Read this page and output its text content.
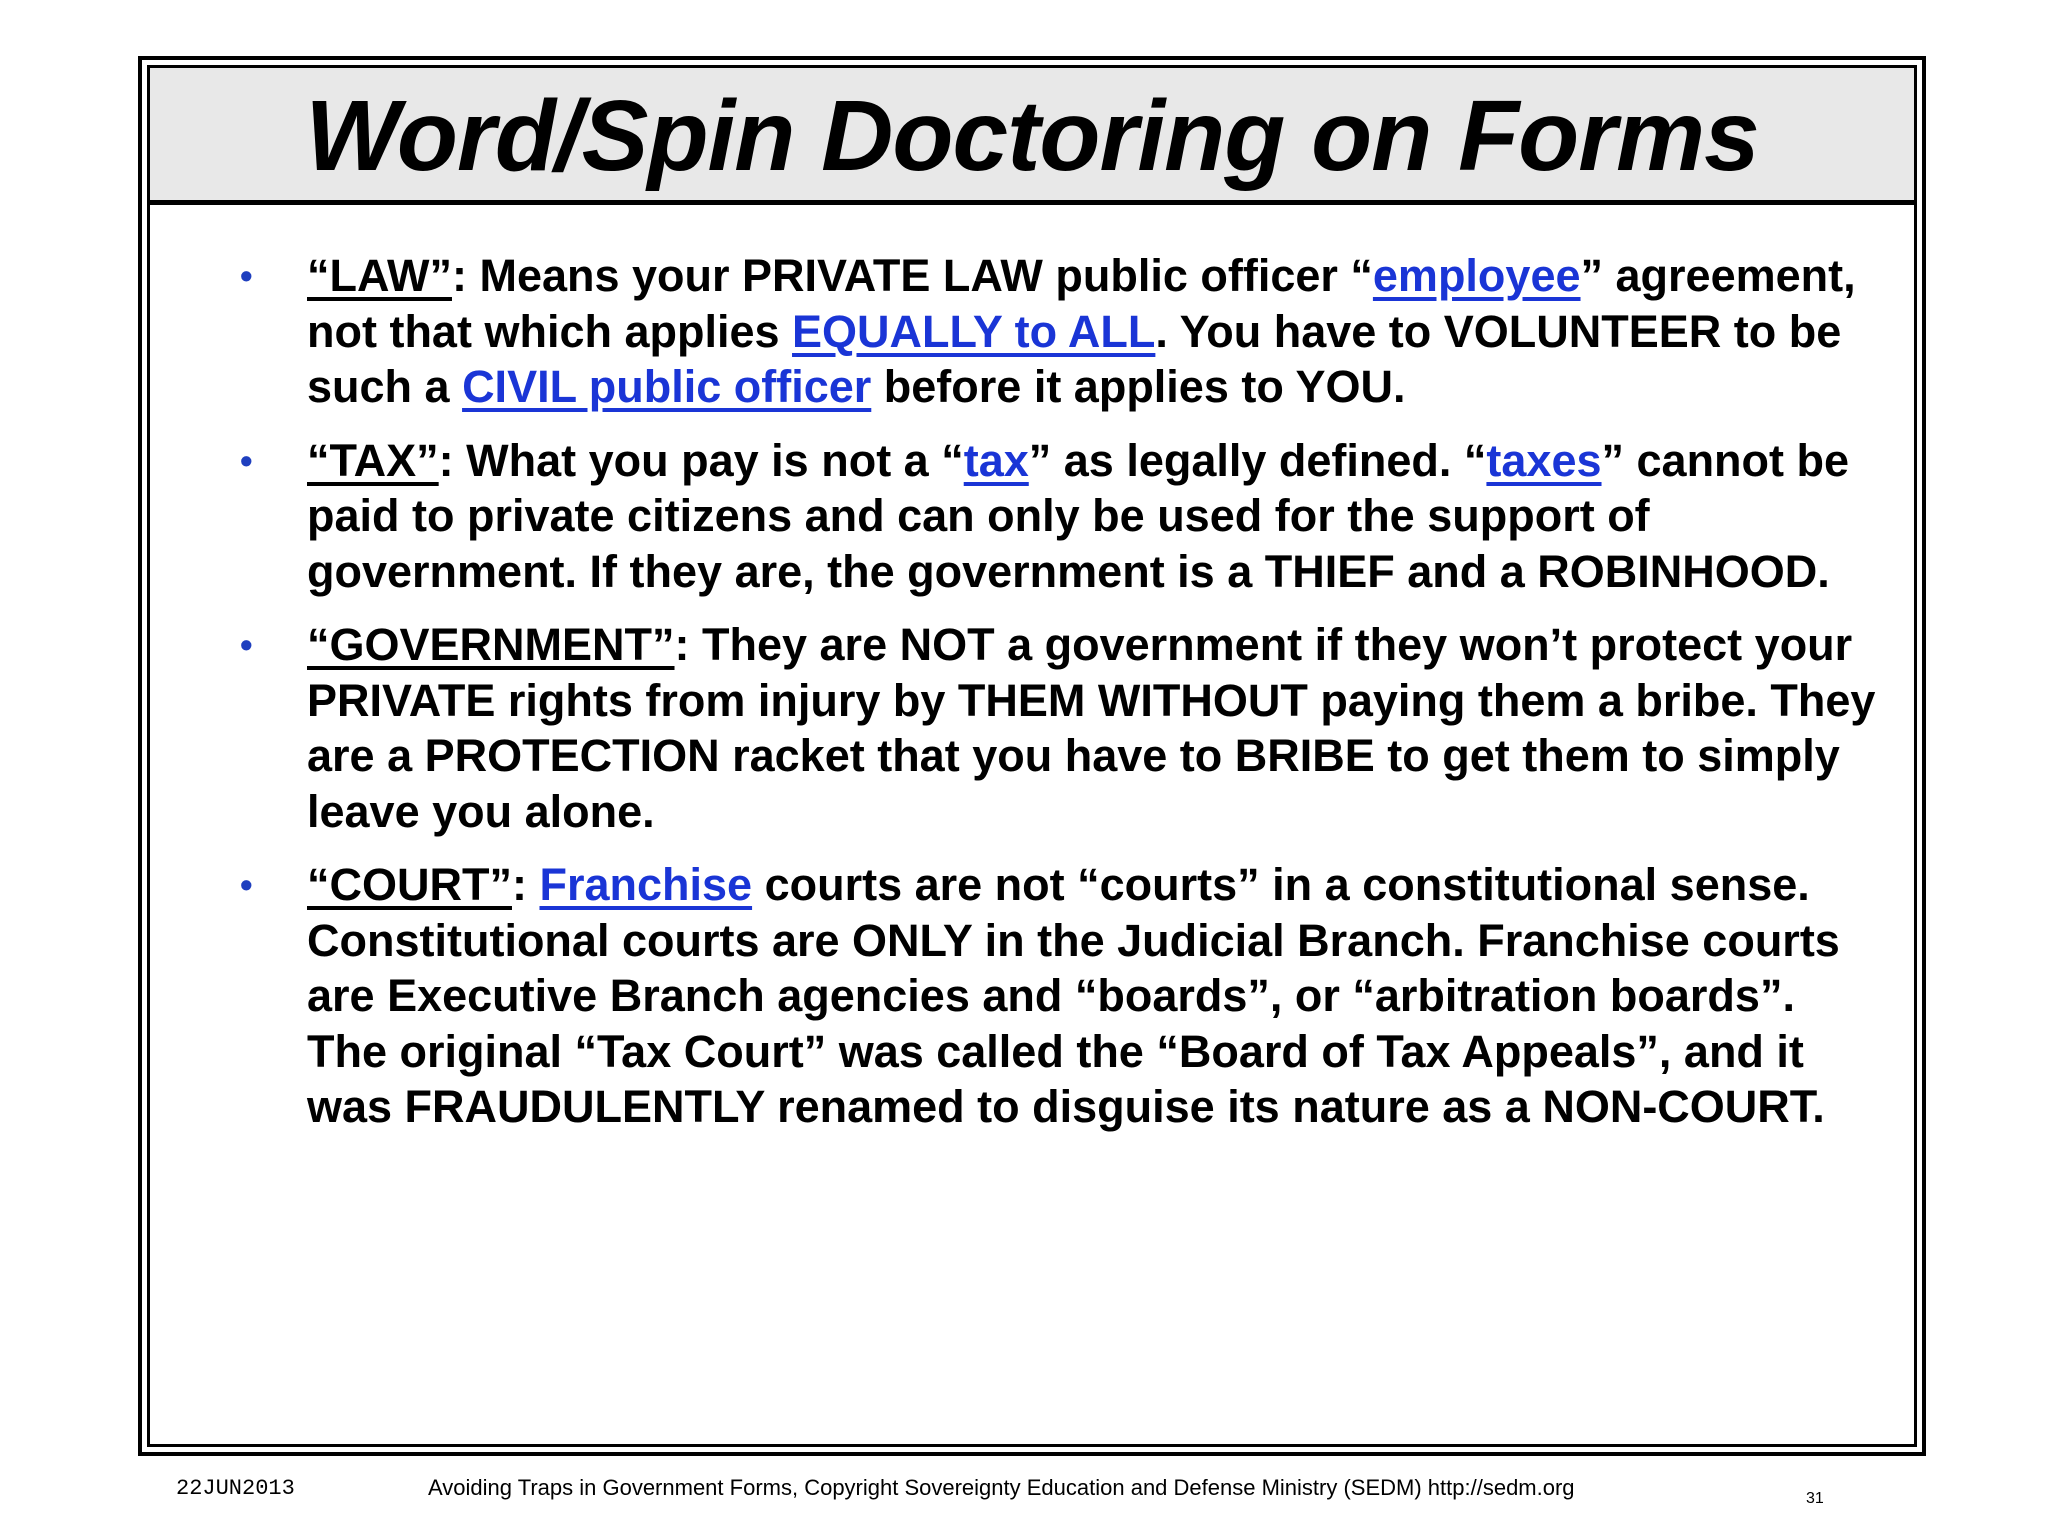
Word/Spin Doctoring on Forms
• “LAW”: Means your PRIVATE LAW public officer “employee” agreement, not that which applies EQUALLY to ALL. You have to VOLUNTEER to be such a CIVIL public officer before it applies to YOU.
• “TAX”: What you pay is not a “tax” as legally defined. “taxes” cannot be paid to private citizens and can only be used for the support of government. If they are, the government is a THIEF and a ROBINHOOD.
• “GOVERNMENT”: They are NOT a government if they won’t protect your PRIVATE rights from injury by THEM WITHOUT paying them a bribe. They are a PROTECTION racket that you have to BRIBE to get them to simply leave you alone.
• “COURT”: Franchise courts are not “courts” in a constitutional sense. Constitutional courts are ONLY in the Judicial Branch. Franchise courts are Executive Branch agencies and “boards”, or “arbitration boards”. The original “Tax Court” was called the “Board of Tax Appeals”, and it was FRAUDULENTLY renamed to disguise its nature as a NON-COURT.
22JUN2013	Avoiding Traps in Government Forms, Copyright Sovereignty Education and Defense Ministry (SEDM) http://sedm.org	31
